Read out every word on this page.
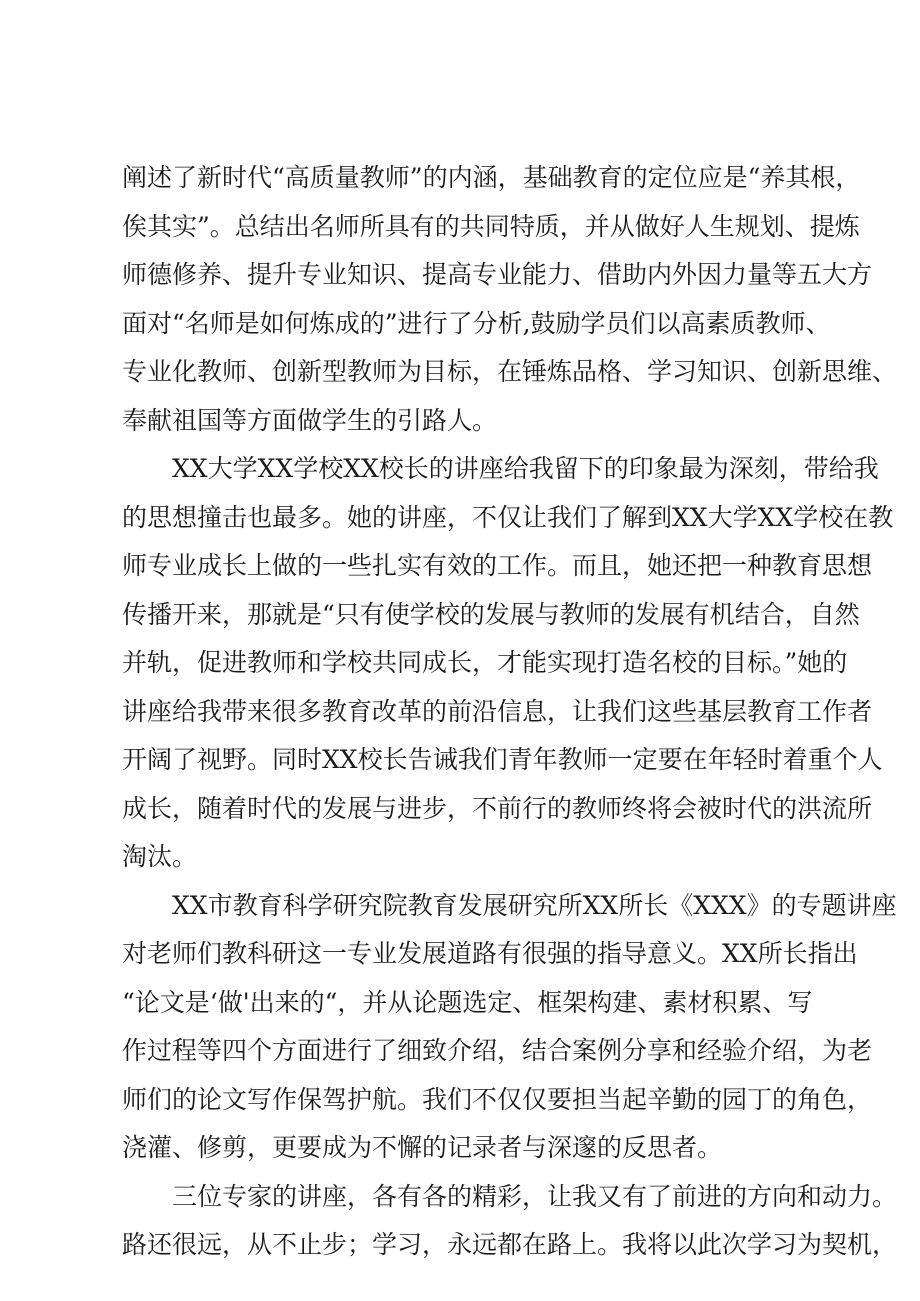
阐述了新时代“高质量教师”的内涵，基础教育的定位应是“养其根，
俟其实”。总结出名师所具有的共同特质，并从做好人生规划、提炼
师德修养、提升专业知识、提高专业能力、借助内外因力量等五大方
面对“名师是如何炼成的”进行了分析,鼓励学员们以高素质教师、
专业化教师、创新型教师为目标，在锤炼品格、学习知识、创新思维、
奉献祖国等方面做学生的引路人。
XX大学XX学校XX校长的讲座给我留下的印象最为深刻，带给我
的思想撞击也最多。她的讲座，不仅让我们了解到XX大学XX学校在教
师专业成长上做的一些扎实有效的工作。而且，她还把一种教育思想
传播开来，那就是“只有使学校的发展与教师的发展有机结合，自然
并轨，促进教师和学校共同成长，才能实现打造名校的目标。”她的
讲座给我带来很多教育改革的前沿信息，让我们这些基层教育工作者
开阔了视野。同时XX校长告诫我们青年教师一定要在年轻时着重个人
成长，随着时代的发展与进步，不前行的教师终将会被时代的洪流所
淘汰。
XX市教育科学研究院教育发展研究所XX所长《XXX》的专题讲座
对老师们教科研这一专业发展道路有很强的指导意义。XX所长指出
“论文是‘做'出来的“，并从论题选定、框架构建、素材积累、写
作过程等四个方面进行了细致介绍，结合案例分享和经验介绍，为老
师们的论文写作保驾护航。我们不仅仅要担当起辛勤的园丁的角色，
浇灌、修剪，更要成为不懈的记录者与深邃的反思者。
三位专家的讲座，各有各的精彩，让我又有了前进的方向和动力。
路还很远，从不止步；学习，永远都在路上。我将以此次学习为契机，
